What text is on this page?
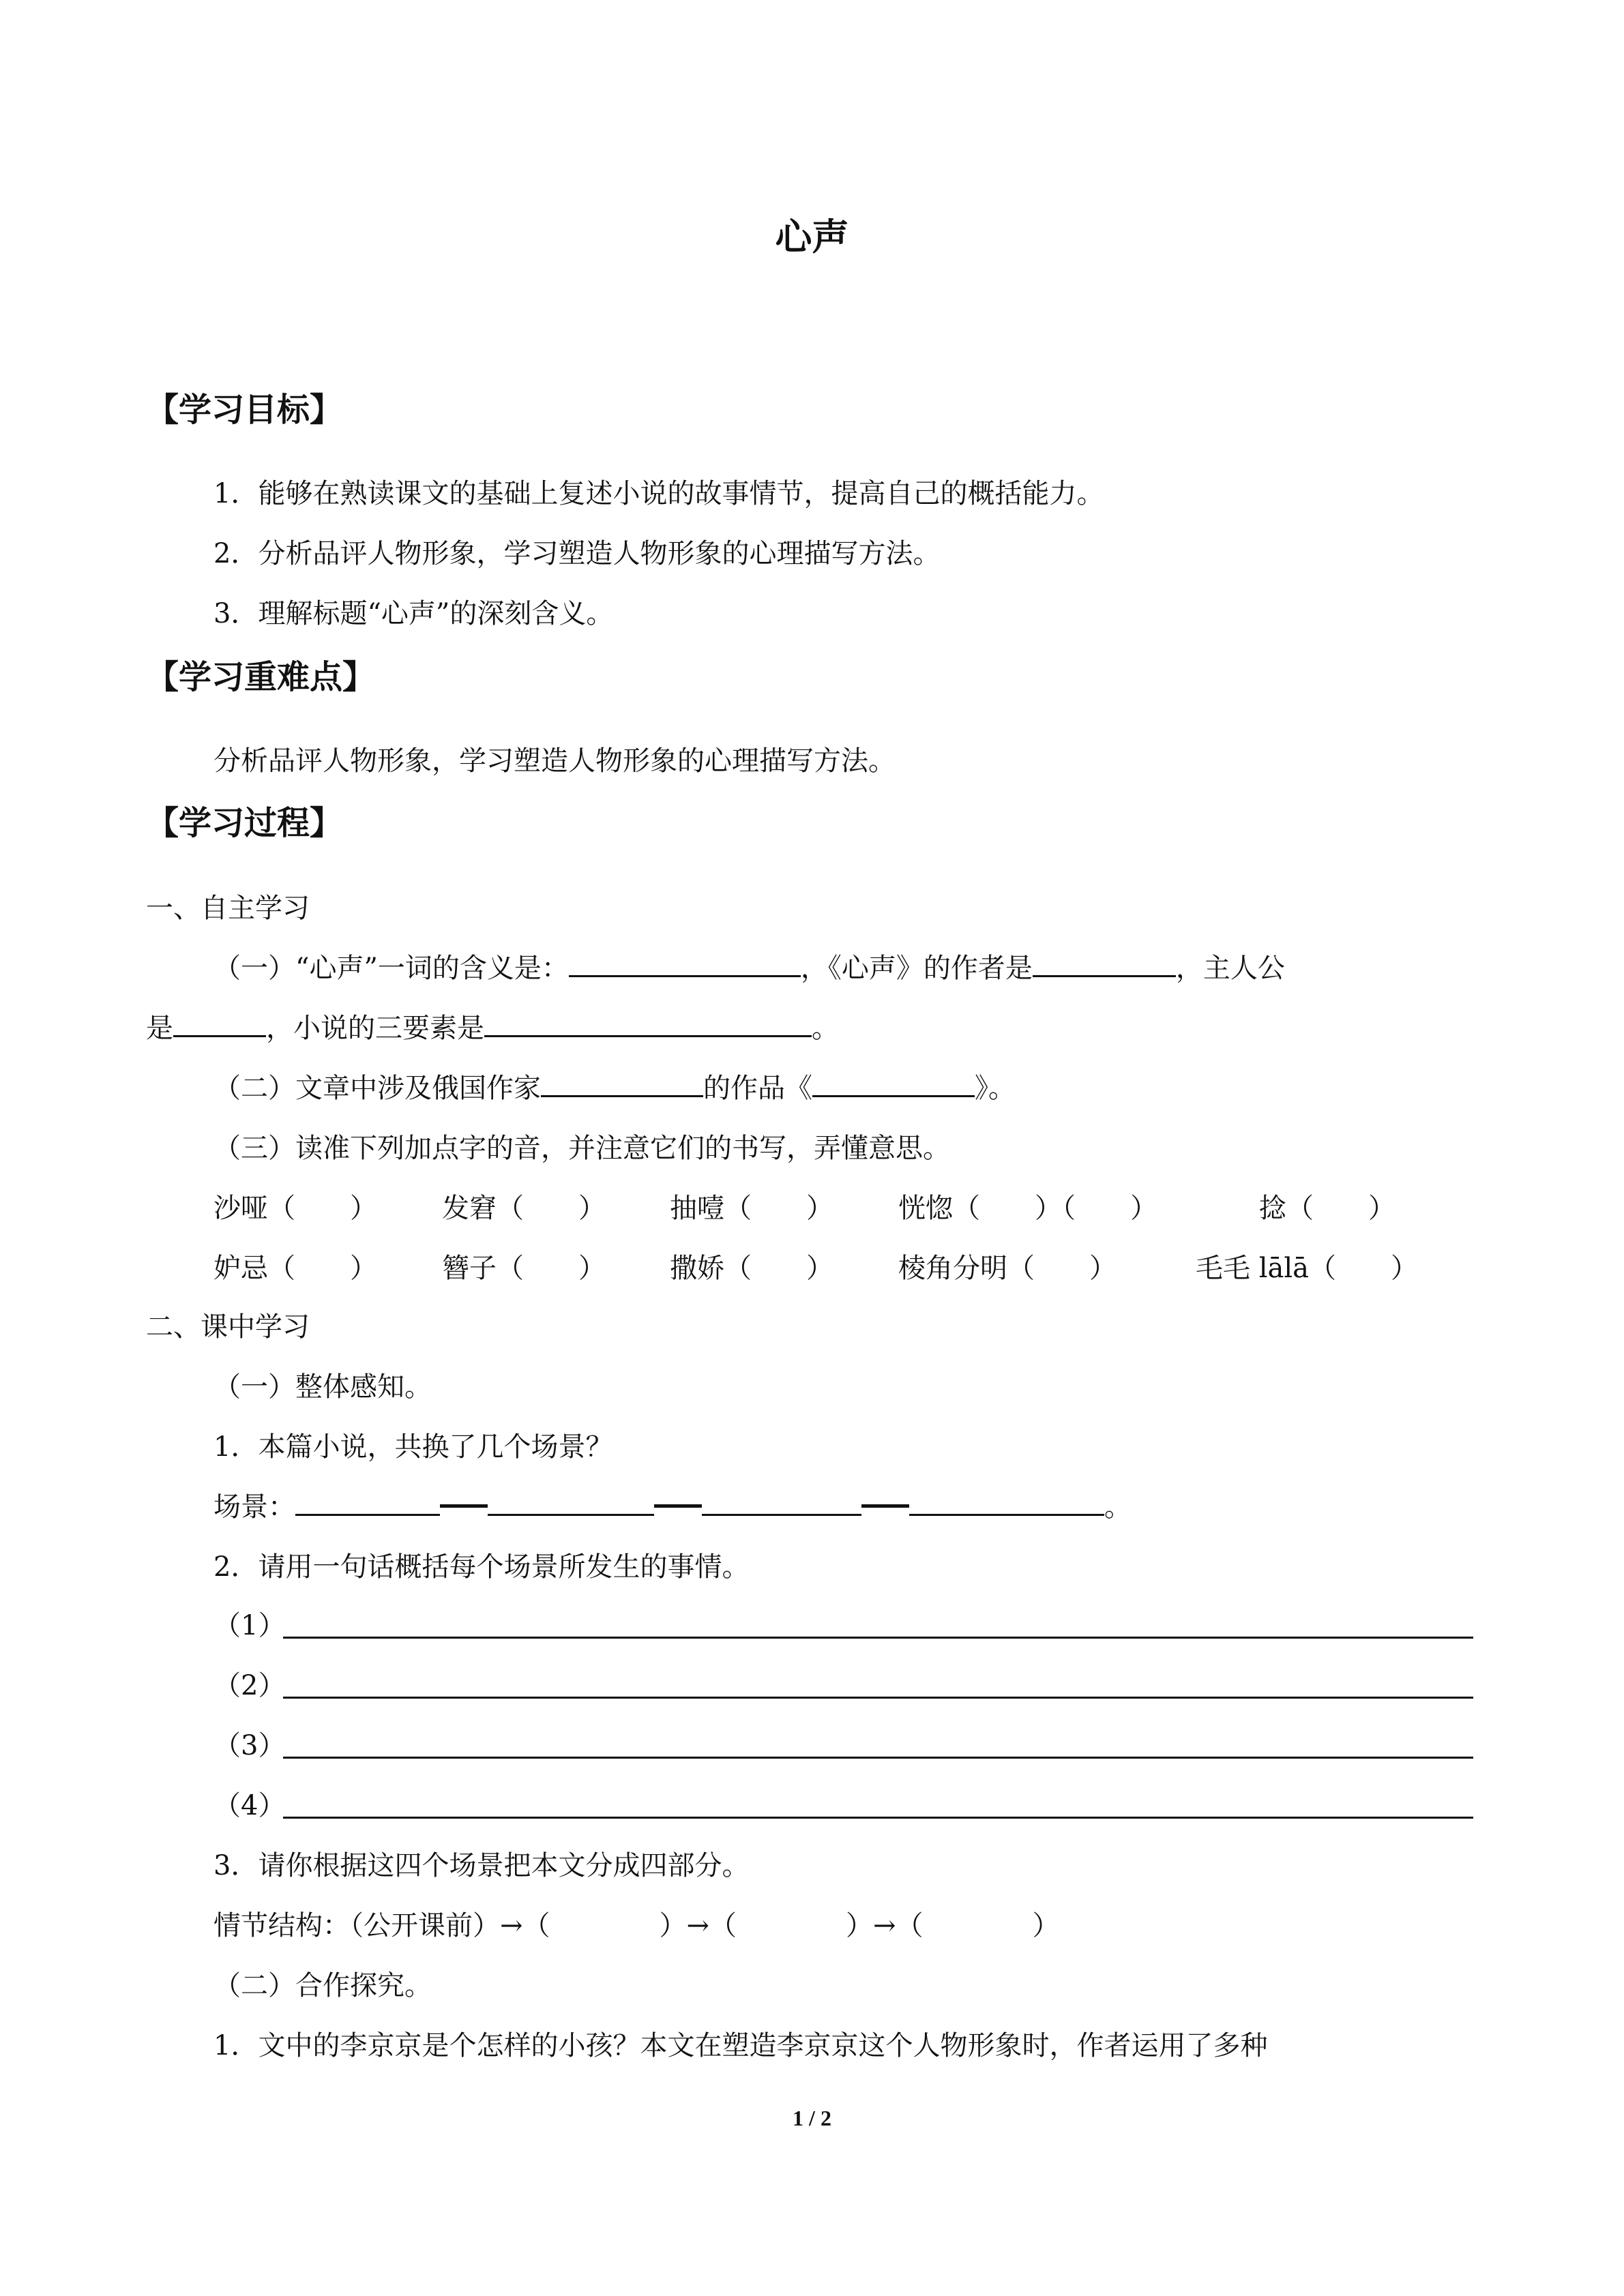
心声
【学习目标】
1．能够在熟读课文的基础上复述小说的故事情节，提高自己的概括能力。
2．分析品评人物形象，学习塑造人物形象的心理描写方法。
3．理解标题“心声”的深刻含义。
【学习重难点】
分析品评人物形象，学习塑造人物形象的心理描写方法。
【学习过程】
一、自主学习
（一）“心声”一词的含义是：	，《心声》的作者是	，主人公
是	，小说的三要素是	。
（二）文章中涉及俄国作家	的作品《	》。
（三）读准下列加点字的音，并注意它们的书写，弄懂意思。
沙哑（　　） 发窘（　　） 抽噎（　　） 恍惚（　　）（　　）	捻（　　）
妒忌（　　） 簪子（　　） 撒娇（　　） 棱角分明（　　）	毛毛 lālā（　　）
二、课中学习
（一）整体感知。
1．本篇小说，共换了几个场景？
场景：	。
2．请用一句话概括每个场景所发生的事情。
（1）
（2）
（3）
（4）
3．请你根据这四个场景把本文分成四部分。
情节结构：（公开课前）→（　　　　）→（　　　　）→（　　　　）
（二）合作探究。
1．文中的李京京是个怎样的小孩？本文在塑造李京京这个人物形象时，作者运用了多种
1 / 2
